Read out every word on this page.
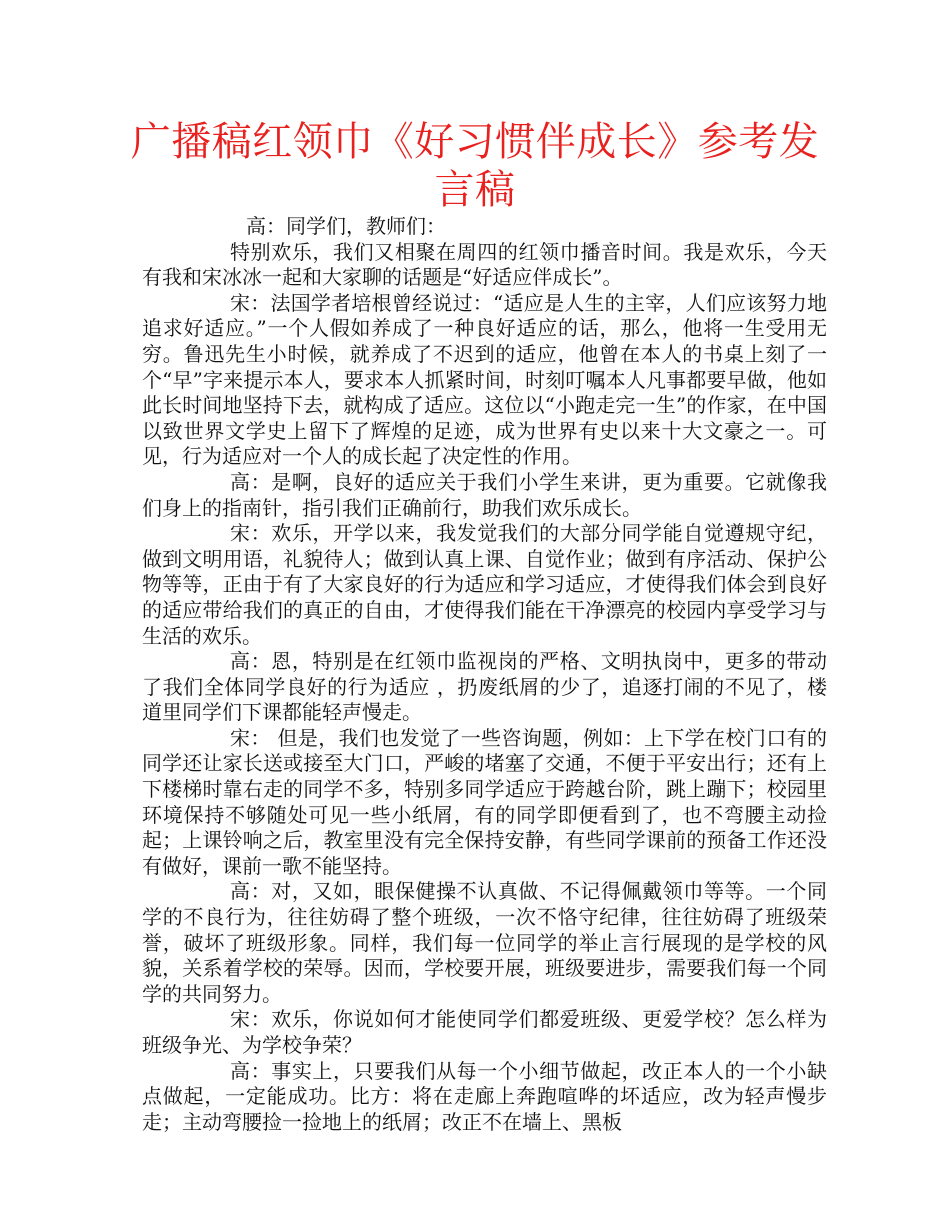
广播稿红领巾《好习惯伴成长》参考发言稿

高：同学们，教师们：

特别欢乐，我们又相聚在周四的红领巾播音时间。我是欢乐，今天有我和宋冰冰一起和大家聊的话题是“好适应伴成长”。

宋：法国学者培根曾经说过：“适应是人生的主宰，人们应该努力地追求好适应。”一个人假如养成了一种良好适应的话，那么，他将一生受用无穷。鲁迅先生小时候，就养成了不迟到的适应，他曾在本人的书桌上刻了一个“早”字来提示本人，要求本人抓紧时间，时刻叮嘱本人凡事都要早做，他如此长时间地坚持下去，就构成了适应。这位以“小跑走完一生”的作家，在中国以致世界文学史上留下了辉煌的足迹，成为世界有史以来十大文豪之一。可见，行为适应对一个人的成长起了决定性的作用。

高：是啊，良好的适应关于我们小学生来讲，更为重要。它就像我们身上的指南针，指引我们正确前行，助我们欢乐成长。

宋：欢乐，开学以来，我发觉我们的大部分同学能自觉遵规守纪，做到文明用语，礼貌待人；做到认真上课、自觉作业；做到有序活动、保护公物等等，正由于有了大家良好的行为适应和学习适应，才使得我们体会到良好的适应带给我们的真正的自由，才使得我们能在干净漂亮的校园内享受学习与生活的欢乐。

高：恩，特别是在红领巾监视岗的严格、文明执岗中，更多的带动了我们全体同学良好的行为适应 ，扔废纸屑的少了，追逐打闹的不见了，楼道里同学们下课都能轻声慢走。

宋： 但是，我们也发觉了一些咨询题，例如：上下学在校门口有的同学还让家长送或接至大门口，严峻的堵塞了交通，不便于平安出行；还有上下楼梯时靠右走的同学不多，特别多同学适应于跨越台阶，跳上蹦下；校园里环境保持不够随处可见一些小纸屑，有的同学即便看到了，也不弯腰主动捡起；上课铃响之后，教室里没有完全保持安静，有些同学课前的预备工作还没有做好，课前一歌不能坚持。

高：对，又如，眼保健操不认真做、不记得佩戴领巾等等。一个同学的不良行为，往往妨碍了整个班级，一次不恪守纪律，往往妨碍了班级荣誉，破坏了班级形象。同样，我们每一位同学的举止言行展现的是学校的风貌，关系着学校的荣辱。因而，学校要开展，班级要进步，需要我们每一个同学的共同努力。

宋：欢乐，你说如何才能使同学们都爱班级、更爱学校？怎么样为班级争光、为学校争荣？

高：事实上，只要我们从每一个小细节做起，改正本人的一个小缺点做起，一定能成功。比方：将在走廊上奔跑喧哗的坏适应，改为轻声慢步走；主动弯腰捡一捡地上的纸屑；改正不在墙上、黑板
